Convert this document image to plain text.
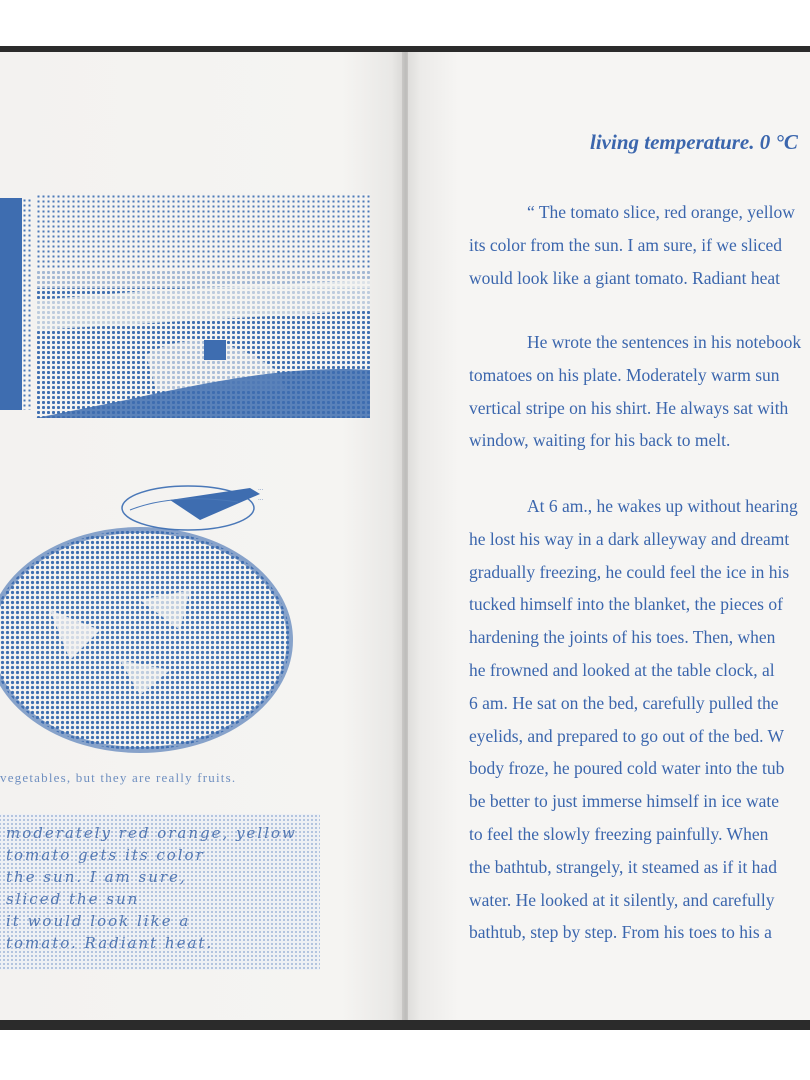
...
...
vegetables, but they are really fruits.
moderately red orange, yellow
tomato gets its color
the sun. I am sure,
sliced the sun
it would look like a
tomato. Radiant heat.
living temperature. 0 °C
“ The tomato slice, red orange, yellow
its color from the sun. I am sure, if we sliced
would look like a giant tomato. Radiant heat
He wrote the sentences in his notebook
tomatoes on his plate. Moderately warm sun
vertical stripe on his shirt. He always sat with
window, waiting for his back to melt.
At 6 am., he wakes up without hearing
he lost his way in a dark alleyway and dreamt
gradually freezing, he could feel the ice in his
tucked himself into the blanket, the pieces of
hardening the joints of his toes. Then, when
he frowned and looked at the table clock, al
6 am. He sat on the bed, carefully pulled the
eyelids, and prepared to go out of the bed. W
body froze, he poured cold water into the tub
be better to just immerse himself in ice wate
to feel the slowly freezing painfully. When
the bathtub, strangely, it steamed as if it had
water. He looked at it silently, and carefully
bathtub, step by step. From his toes to his a
